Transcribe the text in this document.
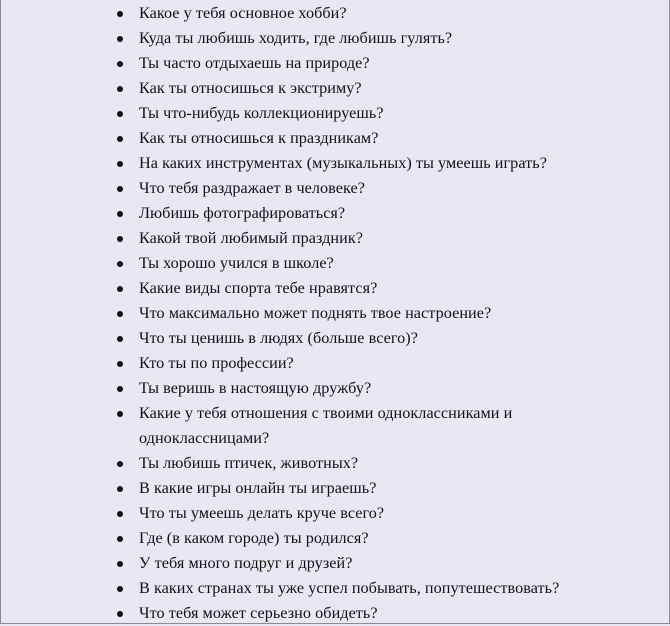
Какое у тебя основное хобби?
Куда ты любишь ходить, где любишь гулять?
Ты часто отдыхаешь на природе?
Как ты относишься к экстриму?
Ты что-нибудь коллекционируешь?
Как ты относишься к праздникам?
На каких инструментах (музыкальных) ты умеешь играть?
Что тебя раздражает в человеке?
Любишь фотографироваться?
Какой твой любимый праздник?
Ты хорошо учился в школе?
Какие виды спорта тебе нравятся?
Что максимально может поднять твое настроение?
Что ты ценишь в людях (больше всего)?
Кто ты по профессии?
Ты веришь в настоящую дружбу?
Какие у тебя отношения с твоими одноклассниками и одноклассницами?
Ты любишь птичек, животных?
В какие игры онлайн ты играешь?
Что ты умеешь делать круче всего?
Где (в каком городе) ты родился?
У тебя много подруг и друзей?
В каких странах ты уже успел побывать, попутешествовать?
Что тебя может серьезно обидеть?
